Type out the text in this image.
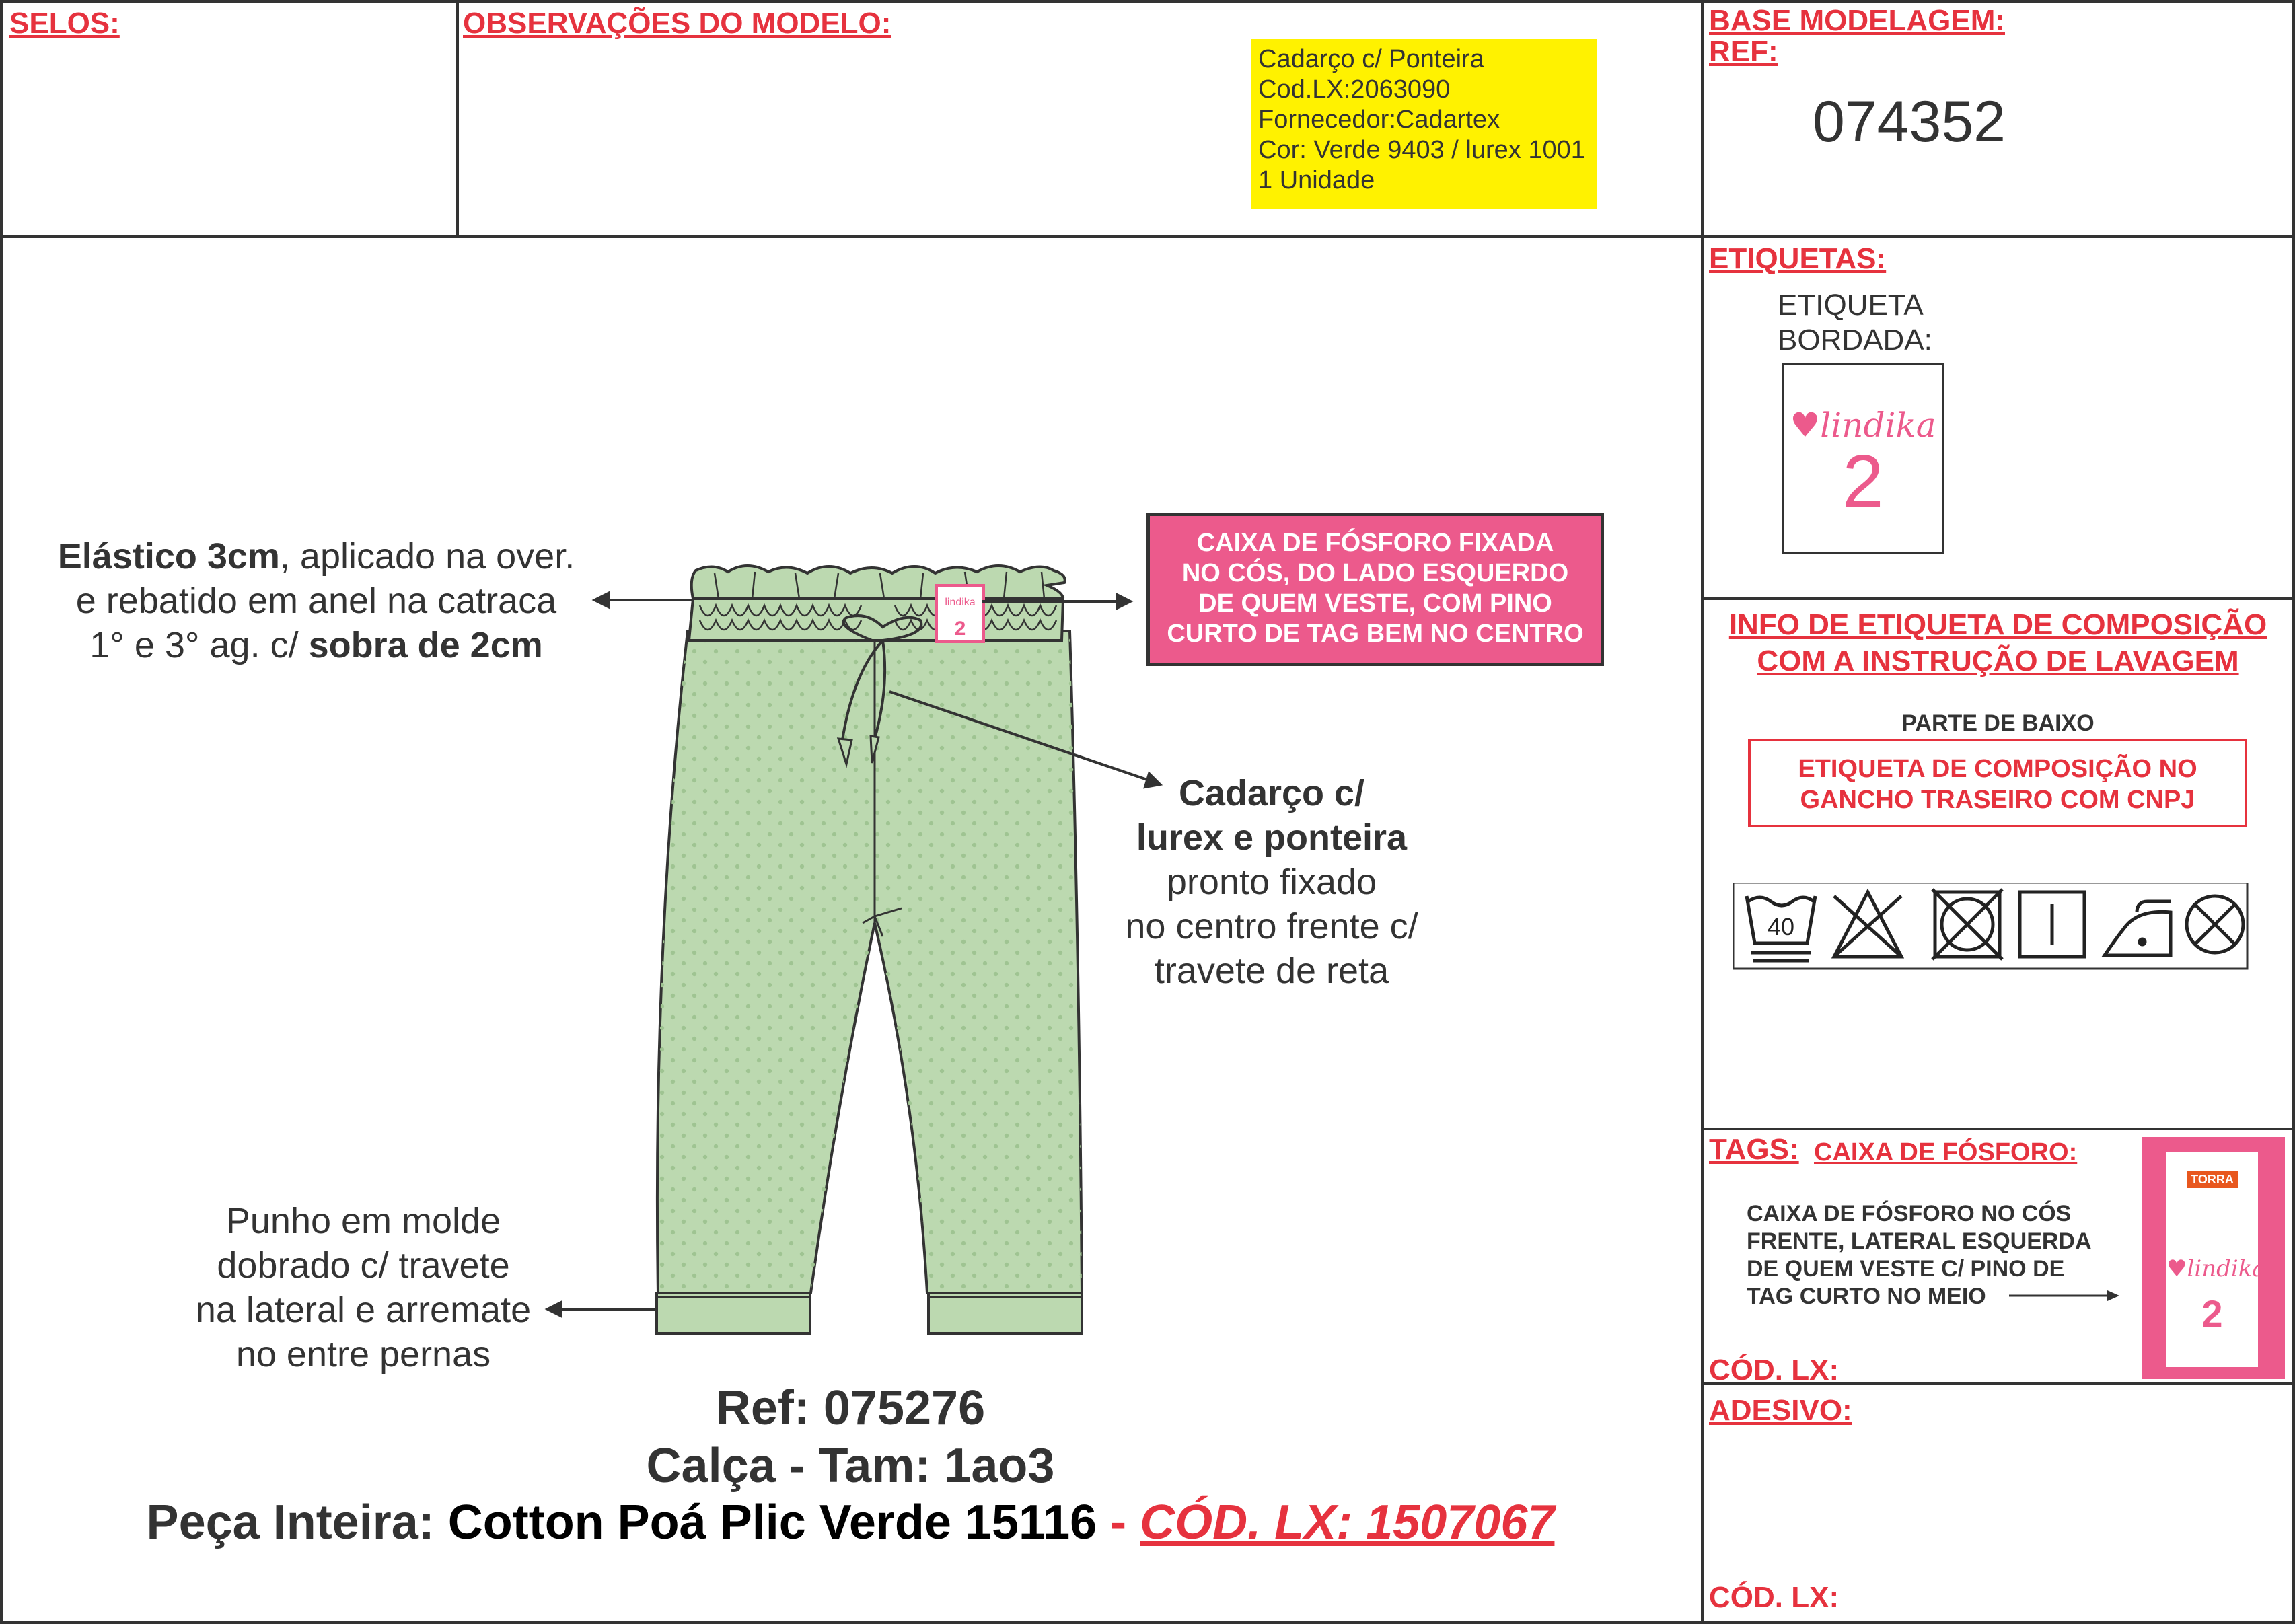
SELOS:	OBSERVAÇÕES DO MODELO:
Cadarço c/ Ponteira
Cod.LX:2063090
Fornecedor:Cadartex
Cor: Verde 9403 / lurex 1001
1 Unidade
BASE MODELAGEM:
REF:
074352
lindika
2
Elástico 3cm, aplicado na over.
e rebatido em anel na catraca
1° e 3° ag. c/ sobra de 2cm
CAIXA DE FÓSFORO FIXADA
NO CÓS, DO LADO ESQUERDO
DE QUEM VESTE, COM PINO
CURTO DE TAG BEM NO CENTRO
Cadarço c/
lurex e ponteira
pronto fixado
no centro frente c/
travete de reta
Punho em molde
dobrado c/ travete
na lateral e arremate
no entre pernas
Ref: 075276
Calça - Tam: 1ao3
Peça Inteira: Cotton Poá Plic Verde 15116 - CÓD. LX: 1507067
ETIQUETAS:
ETIQUETA
BORDADA:
♥lindika
2
INFO DE ETIQUETA DE COMPOSIÇÃO
COM A INSTRUÇÃO DE LAVAGEM
PARTE DE BAIXO
ETIQUETA DE COMPOSIÇÃO NO
GANCHO TRASEIRO COM CNPJ
40
TAGS: CAIXA DE FÓSFORO:
CAIXA DE FÓSFORO NO CÓS
FRENTE, LATERAL ESQUERDA
DE QUEM VESTE C/ PINO DE
TAG CURTO NO MEIO
TORRA
♥lindika
2
CÓD. LX:
ADESIVO:
CÓD. LX:
